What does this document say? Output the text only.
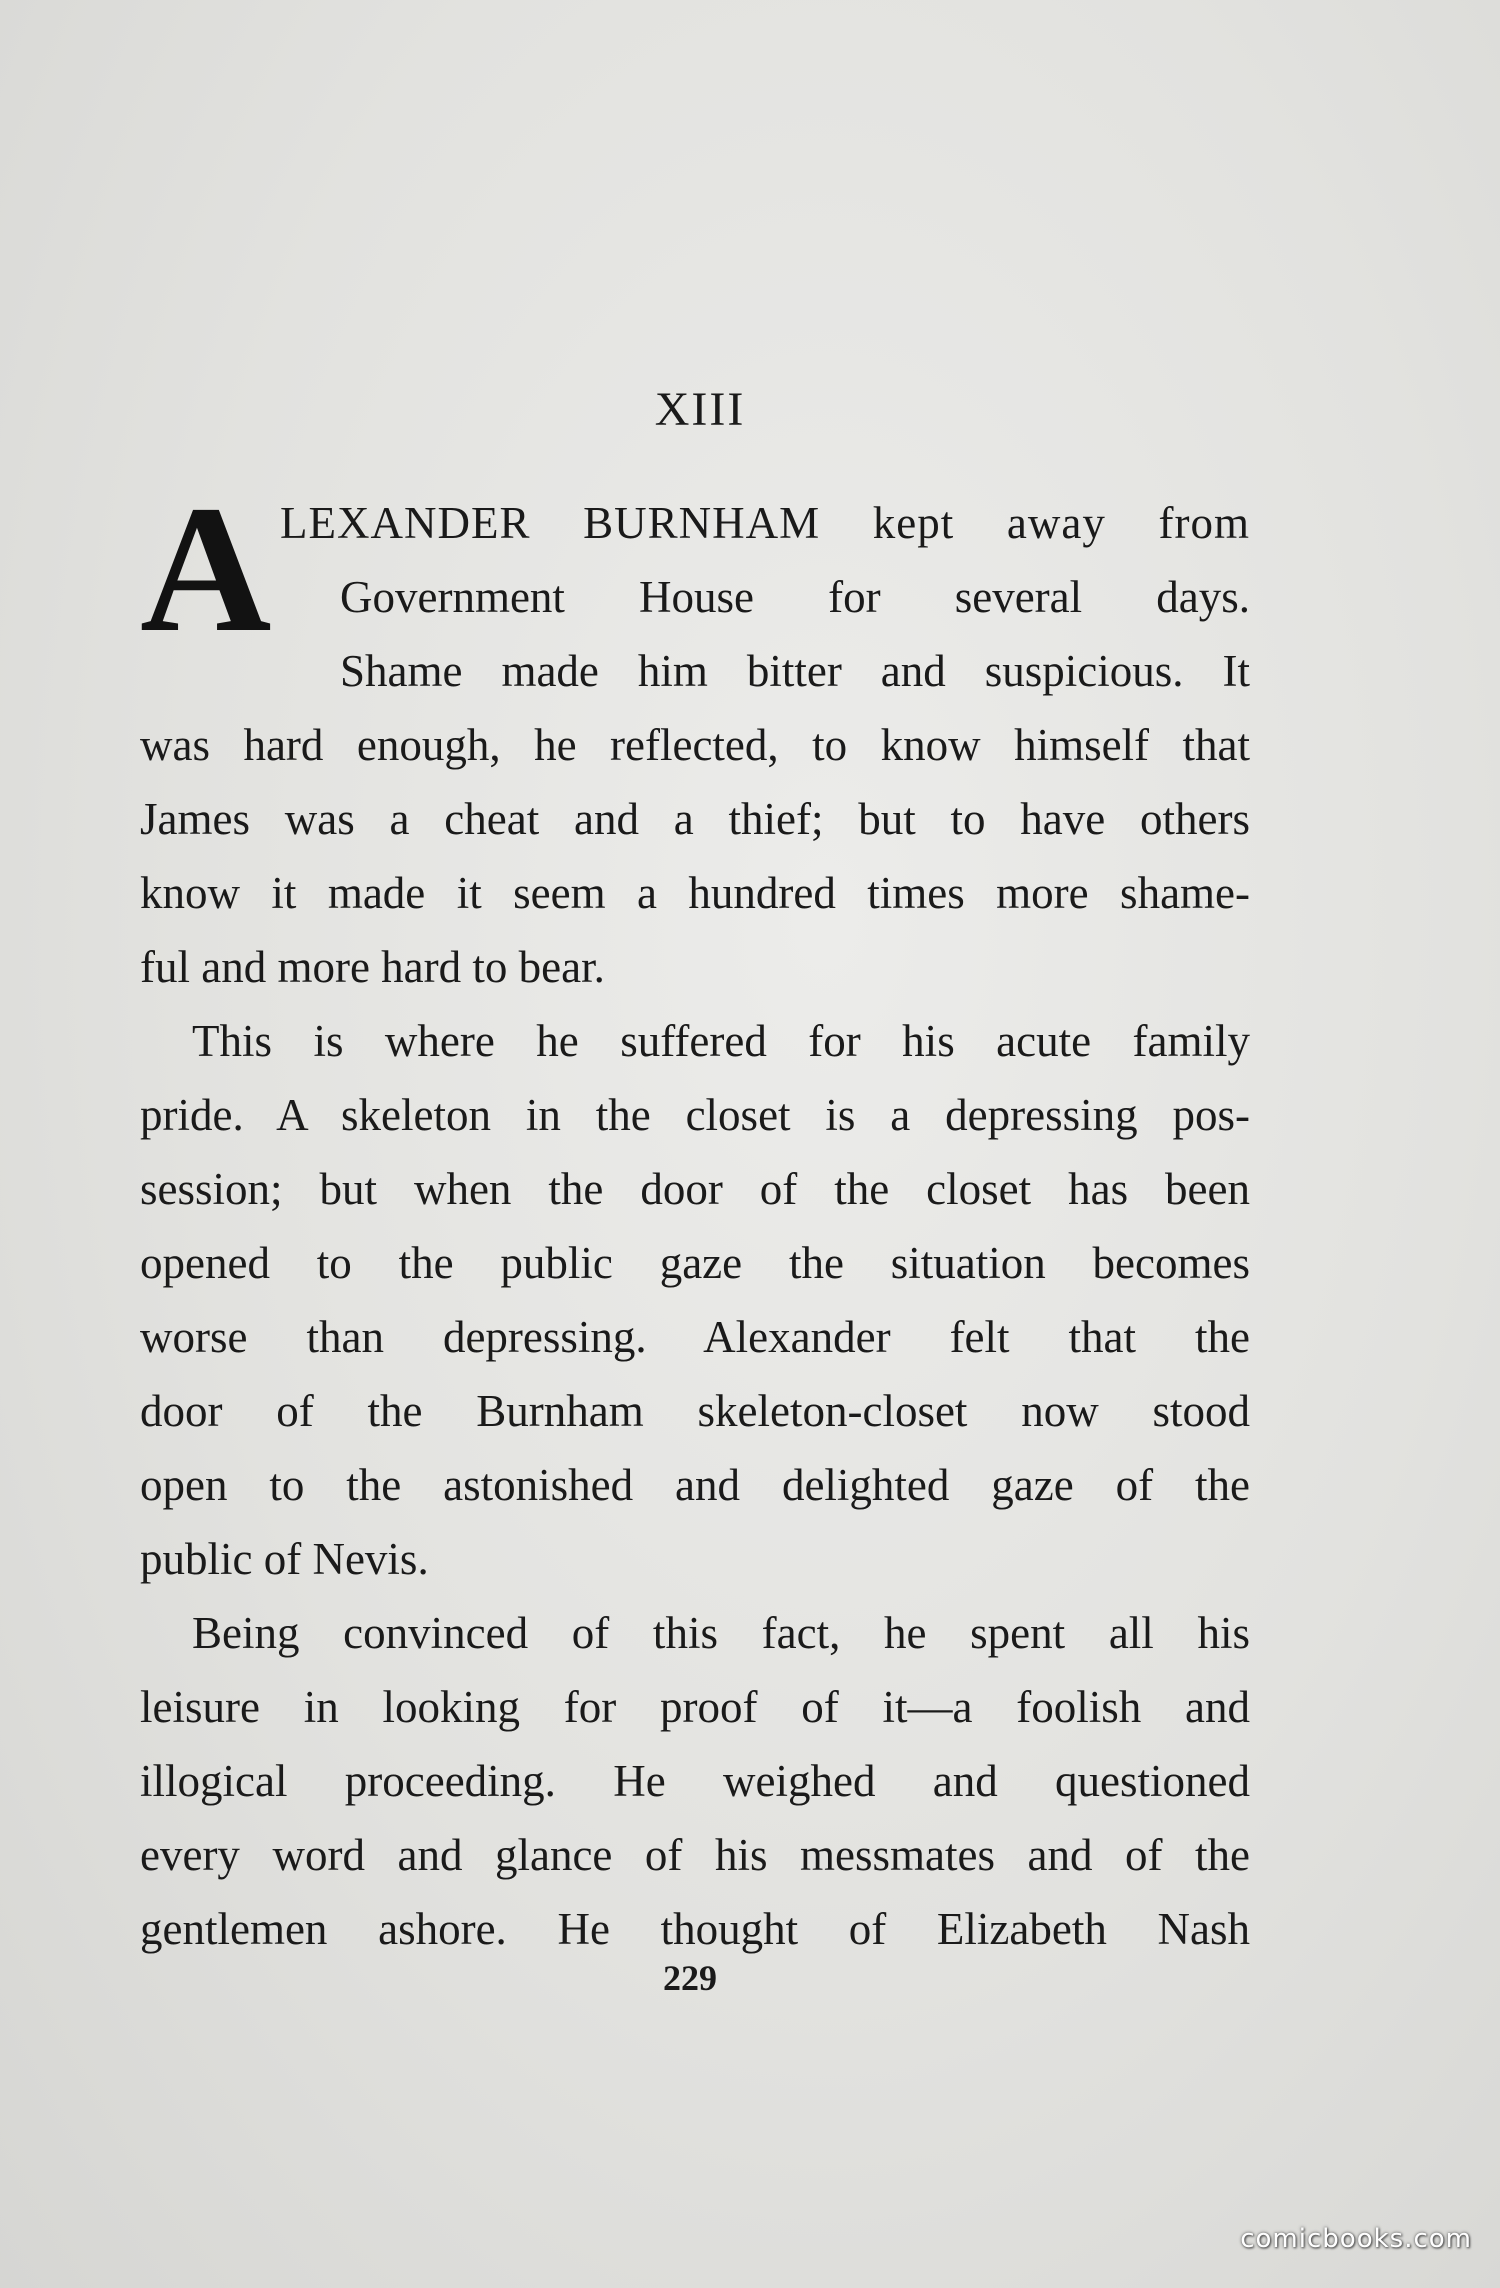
XIII
A LEXANDER BURNHAM kept away from
Government House for several days.
Shame made him bitter and suspicious. It
was hard enough, he reflected, to know himself that
James was a cheat and a thief; but to have others
know it made it seem a hundred times more shame-
ful and more hard to bear.
This is where he suffered for his acute family
pride. A skeleton in the closet is a depressing pos-
session; but when the door of the closet has been
opened to the public gaze the situation becomes
worse than depressing. Alexander felt that the
door of the Burnham skeleton-closet now stood
open to the astonished and delighted gaze of the
public of Nevis.
Being convinced of this fact, he spent all his
leisure in looking for proof of it—a foolish and
illogical proceeding. He weighed and questioned
every word and glance of his messmates and of the
gentlemen ashore. He thought of Elizabeth Nash
229
comicbooks.com
